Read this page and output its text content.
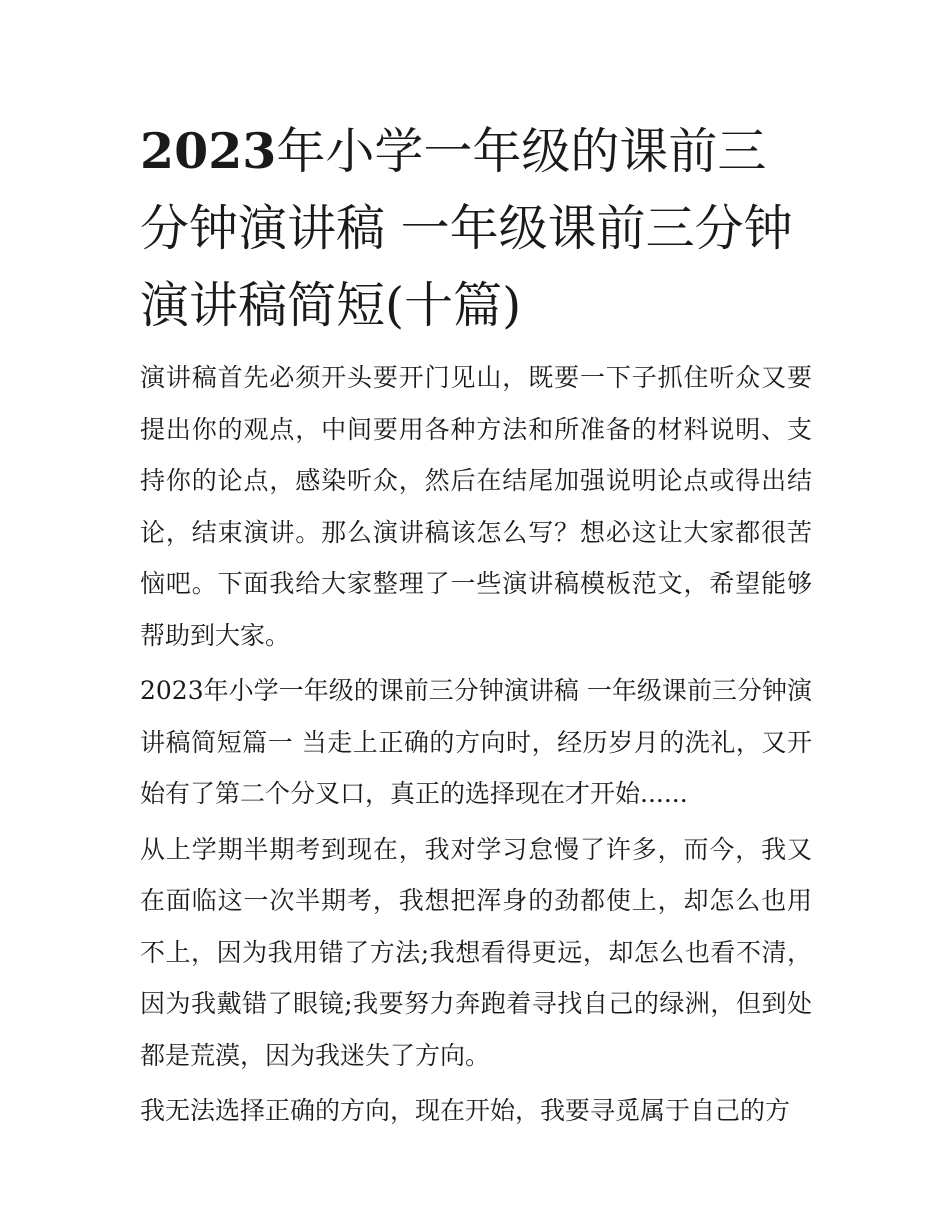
2023年小学一年级的课前三分钟演讲稿 一年级课前三分钟演讲稿简短(十篇)

演讲稿首先必须开头要开门见山，既要一下子抓住听众又要提出你的观点，中间要用各种方法和所准备的材料说明、支持你的论点，感染听众，然后在结尾加强说明论点或得出结论，结束演讲。那么演讲稿该怎么写？想必这让大家都很苦恼吧。下面我给大家整理了一些演讲稿模板范文，希望能够帮助到大家。

2023年小学一年级的课前三分钟演讲稿 一年级课前三分钟演讲稿简短篇一 当走上正确的方向时，经历岁月的洗礼，又开始有了第二个分叉口，真正的选择现在才开始......

从上学期半期考到现在，我对学习怠慢了许多，而今，我又在面临这一次半期考，我想把浑身的劲都使上，却怎么也用不上，因为我用错了方法;我想看得更远，却怎么也看不清，因为我戴错了眼镜;我要努力奔跑着寻找自己的绿洲，但到处都是荒漠，因为我迷失了方向。

我无法选择正确的方向，现在开始，我要寻觅属于自己的方
